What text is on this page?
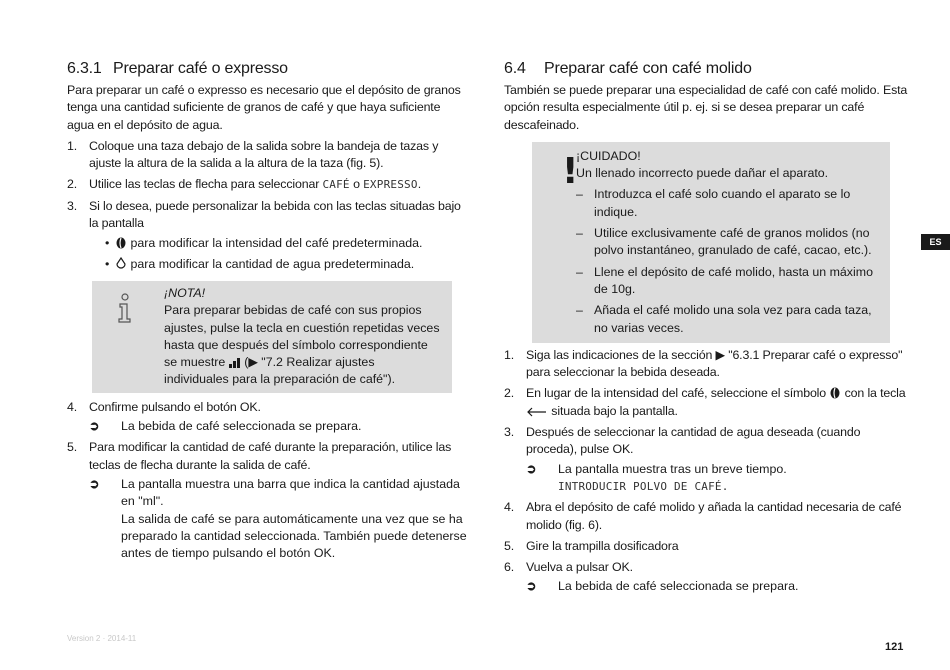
6.3.1 Preparar café o expresso

Para preparar un café o expresso es necesario que el depósito de granos tenga una cantidad suficiente de granos de café y que haya suficiente agua en el depósito de agua.

1. Coloque una taza debajo de la salida sobre la bandeja de tazas y ajuste la altura de la salida a la altura de la taza (fig. 5).
2. Utilice las teclas de flecha para seleccionar CAFÉ o EXPRESSO.
3. Si lo desea, puede personalizar la bebida con las teclas situadas bajo la pantalla
• para modificar la intensidad del café predeterminada.
• para modificar la cantidad de agua predeterminada.
¡NOTA!
Para preparar bebidas de café con sus propios ajustes, pulse la tecla en cuestión repetidas veces hasta que después del símbolo correspondiente se muestre (▶ "7.2 Realizar ajustes individuales para la preparación de café").
4. Confirme pulsando el botón OK.
➲ La bebida de café seleccionada se prepara.
5. Para modificar la cantidad de café durante la preparación, utilice las teclas de flecha durante la salida de café.
➲ La pantalla muestra una barra que indica la cantidad ajustada en "ml".
La salida de café se para automáticamente una vez que se ha preparado la cantidad seleccionada. También puede detenerse antes de tiempo pulsando el botón OK.
6.4 Preparar café con café molido

También se puede preparar una especialidad de café con café molido. Esta opción resulta especialmente útil p. ej. si se desea preparar un café descafeinado.

!
¡CUIDADO!
Un llenado incorrecto puede dañar el aparato.
– Introduzca el café solo cuando el aparato se lo indique.
– Utilice exclusivamente café de granos molidos (no polvo instantáneo, granulado de café, cacao, etc.).
– Llene el depósito de café molido, hasta un máximo de 10g.
– Añada el café molido una sola vez para cada taza, no varias veces.
1. Siga las indicaciones de la sección ▶ "6.3.1 Preparar café o expresso" para seleccionar la bebida deseada.
2. En lugar de la intensidad del café, seleccione el símbolo con la tecla  situada bajo la pantalla.
3. Después de seleccionar la cantidad de agua deseada (cuando proceda), pulse OK.
➲ La pantalla muestra tras un breve tiempo.
INTRODUCIR POLVO DE CAFÉ.
4. Abra el depósito de café molido y añada la cantidad necesaria de café molido (fig. 6).
5. Gire la trampilla dosificadora
6. Vuelva a pulsar OK.
➲ La bebida de café seleccionada se prepara.
ES
Version 2 · 2014-11
121
